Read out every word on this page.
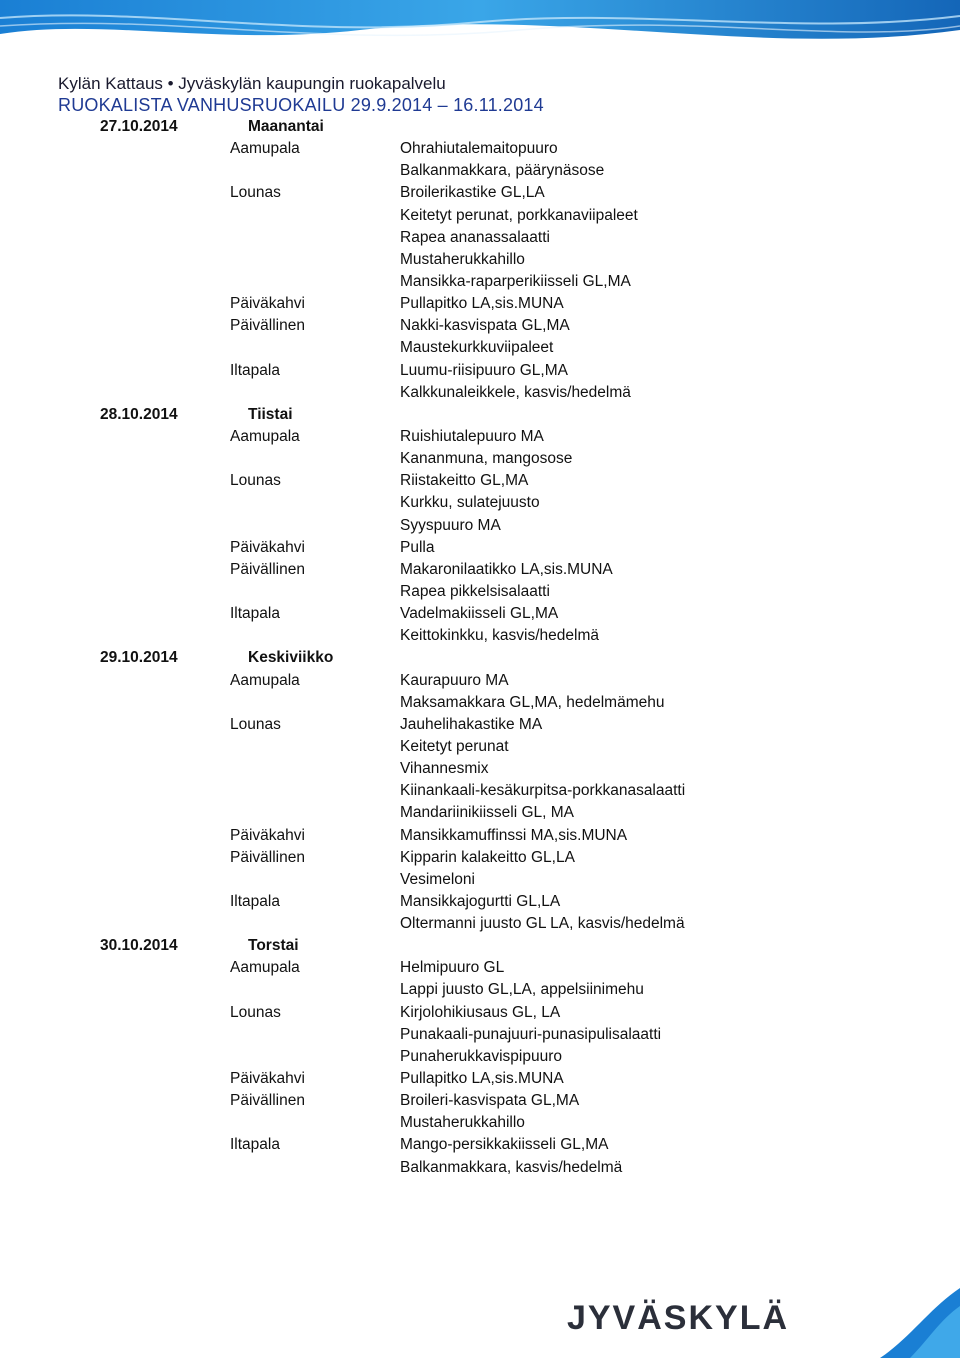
Kylän Kattaus • Jyväskylän kaupungin ruokapalvelu
RUOKALISTA VANHUSRUOKAILU 29.9.2014 – 16.11.2014
27.10.2014	Maanantai
Aamupala	Ohrahiutalemaitopuuro
Balkanmakkara, päärynäsose
Lounas	Broilerikastike GL,LA
Keitetyt perunat, porkkanaviipaleet
Rapea ananassalaatti
Mustaherukkahillo
Mansikka-raparperikiisseli GL,MA
Päiväkahvi	Pullapitko LA,sis.MUNA
Päivällinen	Nakki-kasvispata GL,MA
Maustekurkkuviipaleet
Iltapala	Luumu-riisipuuro GL,MA
Kalkkunaleikkele, kasvis/hedelmä
28.10.2014	Tiistai
Aamupala	Ruishiutalepuuro MA
Kananmuna, mangosose
Lounas	Riistakeitto GL,MA
Kurkku, sulatejuusto
Syyspuuro MA
Päiväkahvi	Pulla
Päivällinen	Makaronilaatikko LA,sis.MUNA
Rapea pikkelsisalaatti
Iltapala	Vadelmakiisseli GL,MA
Keittokinkku, kasvis/hedelmä
29.10.2014	Keskiviikko
Aamupala	Kaurapuuro MA
Maksamakkara GL,MA, hedelmämehu
Lounas	Jauhelihakastike MA
Keitetyt perunat
Vihannesmix
Kiinankaali-kesäkurpitsa-porkkanasalaatti
Mandariinikiisseli GL, MA
Päiväkahvi	Mansikkamuffinssi MA,sis.MUNA
Päivällinen	Kipparin kalakeitto GL,LA
Vesimeloni
Iltapala	Mansikkajogurtti GL,LA
Oltermanni juusto GL LA, kasvis/hedelmä
30.10.2014	Torstai
Aamupala	Helmipuuro GL
Lappi juusto GL,LA, appelsiinimehu
Lounas	Kirjolohikiusaus GL, LA
Punakaali-punajuuri-punasipulisalaatti
Punaherukkavispipuuro
Päiväkahvi	Pullapitko LA,sis.MUNA
Päivällinen	Broileri-kasvispata GL,MA
Mustaherukkahillo
Iltapala	Mango-persikkakiisseli GL,MA
Balkanmakkara, kasvis/hedelmä
JYVÄSKYLÄ
